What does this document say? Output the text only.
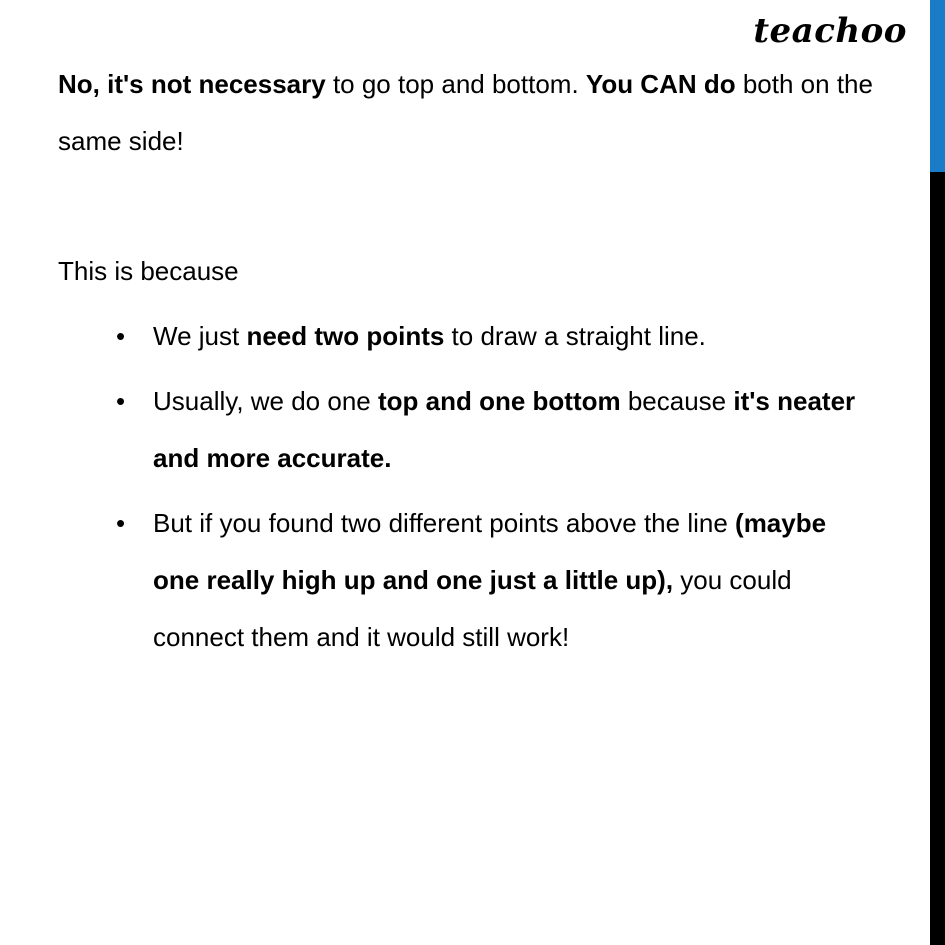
teachoo

No, it's not necessary to go top and bottom. You CAN do both on the same side!

This is because

• We just need two points to draw a straight line.
• Usually, we do one top and one bottom because it's neater and more accurate.
• But if you found two different points above the line (maybe one really high up and one just a little up), you could connect them and it would still work!
